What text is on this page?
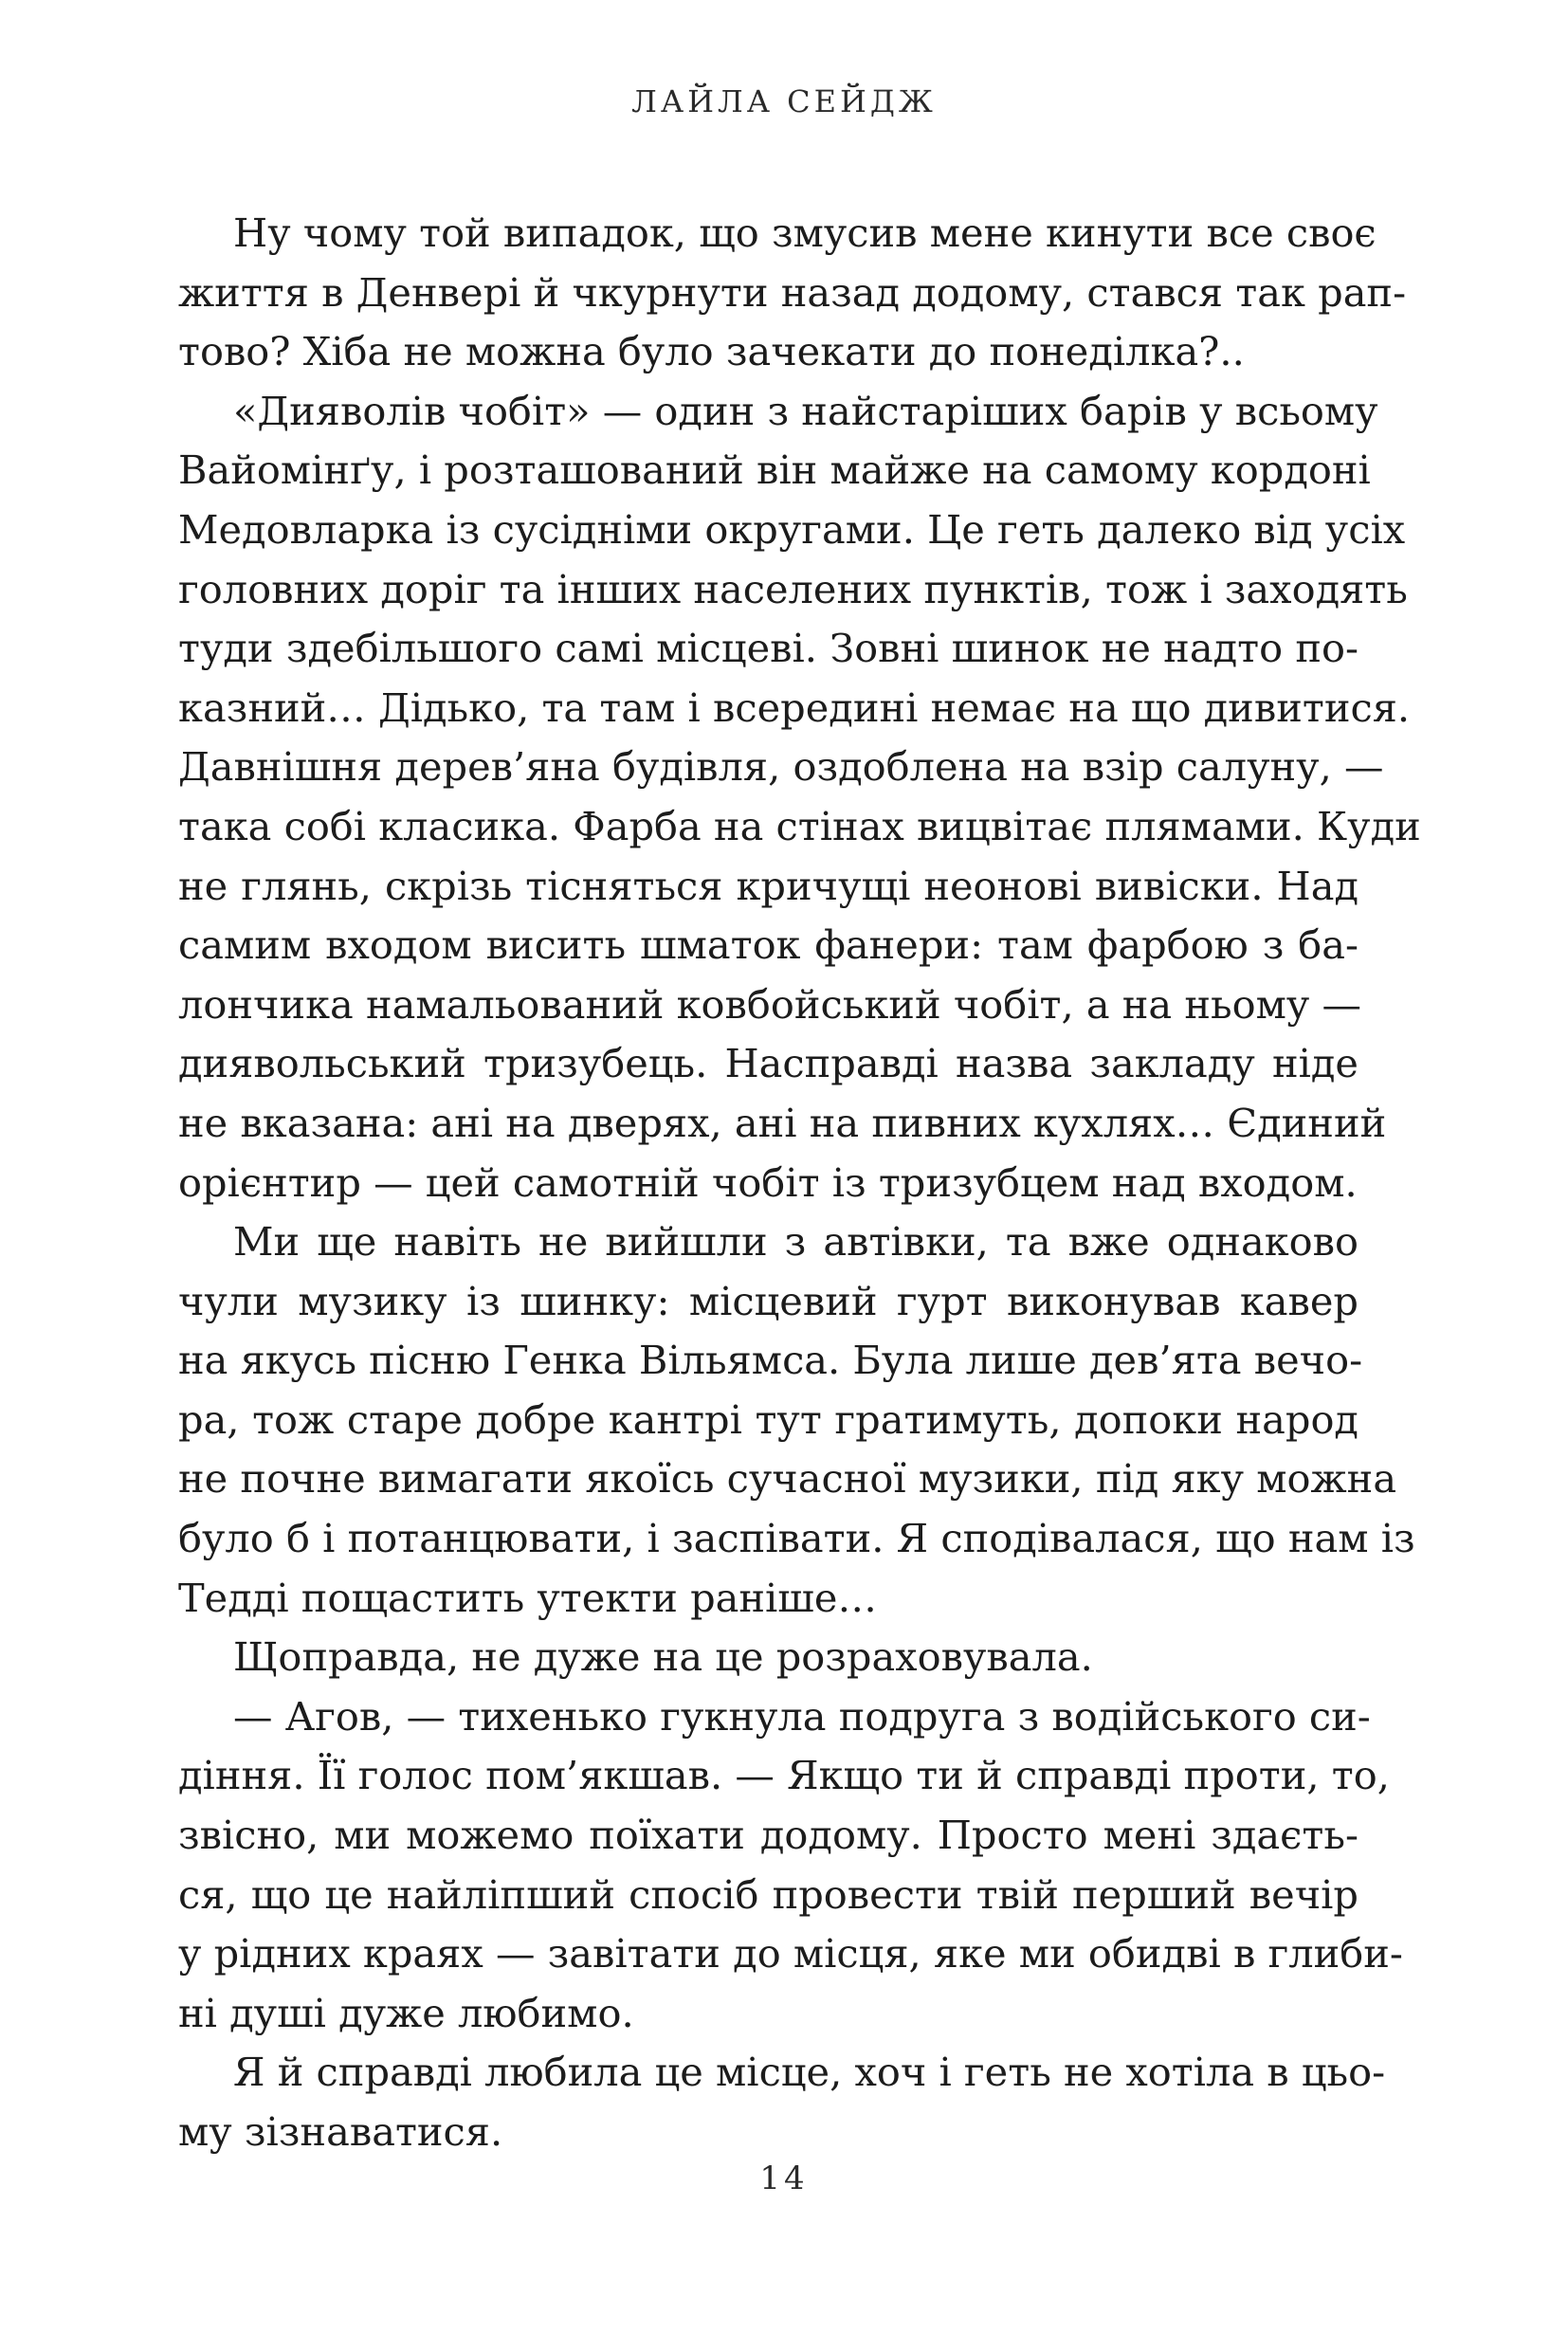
ЛАЙЛА СЕЙДЖ
Ну чому той випадок, що змусив мене кинути все своє
життя в Денвері й чкурнути назад додому, стався так рап-
тово? Хіба не можна було зачекати до понеділка?..
«Дияволів чобіт» — один з найстаріших барів у всьому
Вайомінґу, і розташований він майже на самому кордоні
Медовларка із сусідніми округами. Це геть далеко від усіх
головних доріг та інших населених пунктів, тож і заходять
туди здебільшого самі місцеві. Зовні шинок не надто по-
казний… Дідько, та там і всередині немає на що дивитися.
Давнішня дерев’яна будівля, оздоблена на взір салуну, —
така собі класика. Фарба на стінах вицвітає плямами. Куди
не глянь, скрізь тісняться кричущі неонові вивіски. Над
самим входом висить шматок фанери: там фарбою з ба-
лончика намальований ковбойський чобіт, а на ньому —
диявольський тризубець. Насправді назва закладу ніде
не вказана: ані на дверях, ані на пивних кухлях… Єдиний
орієнтир — цей самотній чобіт із тризубцем над входом.
Ми ще навіть не вийшли з автівки, та вже однаково
чули музику із шинку: місцевий гурт виконував кавер
на якусь пісню Генка Вільямса. Була лише дев’ята вечо-
ра, тож старе добре кантрі тут гратимуть, допоки народ
не почне вимагати якоїсь сучасної музики, під яку можна
було б і потанцювати, і заспівати. Я сподівалася, що нам із
Тедді пощастить утекти раніше…
Щоправда, не дуже на це розраховувала.
— Агов, — тихенько гукнула подруга з водійського си-
діння. Її голос пом’якшав. — Якщо ти й справді проти, то,
звісно, ми можемо поїхати додому. Просто мені здаєть-
ся, що це найліпший спосіб провести твій перший вечір
у рідних краях — завітати до місця, яке ми обидві в глиби-
ні душі дуже любимо.
Я й справді любила це місце, хоч і геть не хотіла в цьо-
му зізнаватися.
14
